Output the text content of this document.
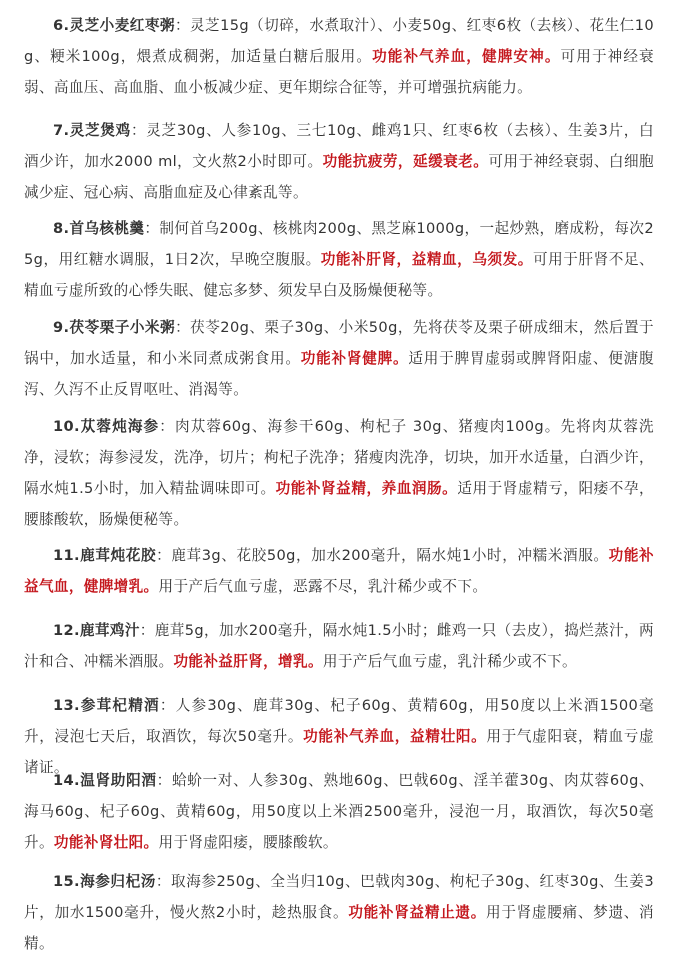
6.灵芝小麦红枣粥：灵芝15g（切碎，水煮取汁）、小麦50g、红枣6枚（去核）、花生仁10g、粳米100g，煨煮成稠粥，加适量白糖后服用。功能补气养血，健脾安神。可用于神经衰弱、高血压、高血脂、血小板减少症、更年期综合征等，并可增强抗病能力。

7.灵芝煲鸡：灵芝30g、人参10g、三七10g、雌鸡1只、红枣6枚（去核）、生姜3片，白酒少许，加水2000 ml，文火熬2小时即可。功能抗疲劳，延缓衰老。可用于神经衰弱、白细胞减少症、冠心病、高脂血症及心律紊乱等。

8.首乌核桃羹：制何首乌200g、核桃肉200g、黑芝麻1000g，一起炒熟，磨成粉，每次25g，用红糖水调服，1日2次，早晚空腹服。功能补肝肾，益精血，乌须发。可用于肝肾不足、精血亏虚所致的心悸失眠、健忘多梦、须发早白及肠燥便秘等。

9.茯苓栗子小米粥：茯苓20g、栗子30g、小米50g，先将茯苓及栗子研成细末，然后置于锅中，加水适量，和小米同煮成粥食用。功能补肾健脾。适用于脾胃虚弱或脾肾阳虚、便溏腹泻、久泻不止反胃呕吐、消渴等。

10.苁蓉炖海参：肉苁蓉60g、海参干60g、枸杞子 30g、猪瘦肉100g。先将肉苁蓉洗净，浸软；海参浸发，洗净，切片；枸杞子洗净；猪瘦肉洗净，切块，加开水适量，白酒少许，隔水炖1.5小时，加入精盐调味即可。功能补肾益精，养血润肠。适用于肾虚精亏，阳痿不孕，腰膝酸软，肠燥便秘等。

11.鹿茸炖花胶：鹿茸3g、花胶50g，加水200毫升，隔水炖1小时，冲糯米酒服。功能补益气血，健脾增乳。用于产后气血亏虚，恶露不尽，乳汁稀少或不下。

12.鹿茸鸡汁：鹿茸5g，加水200毫升，隔水炖1.5小时；雌鸡一只（去皮），捣烂蒸汁，两汁和合、冲糯米酒服。功能补益肝肾，增乳。用于产后气血亏虚，乳汁稀少或不下。

13.参茸杞精酒：人参30g、鹿茸30g、杞子60g、黄精60g，用50度以上米酒1500毫升，浸泡七天后，取酒饮，每次50毫升。功能补气养血，益精壮阳。用于气虚阳衰，精血亏虚诸证。

14.温肾助阳酒：蛤蚧一对、人参30g、熟地60g、巴戟60g、淫羊藿30g、肉苁蓉60g、海马60g、杞子60g、黄精60g，用50度以上米酒2500毫升，浸泡一月，取酒饮，每次50毫升。功能补肾壮阳。用于肾虚阳痿，腰膝酸软。

15.海参归杞汤：取海参250g、全当归10g、巴戟肉30g、枸杞子30g、红枣30g、生姜3片，加水1500毫升，慢火熬2小时，趁热服食。功能补肾益精止遗。用于肾虚腰痛、梦遗、消精。
